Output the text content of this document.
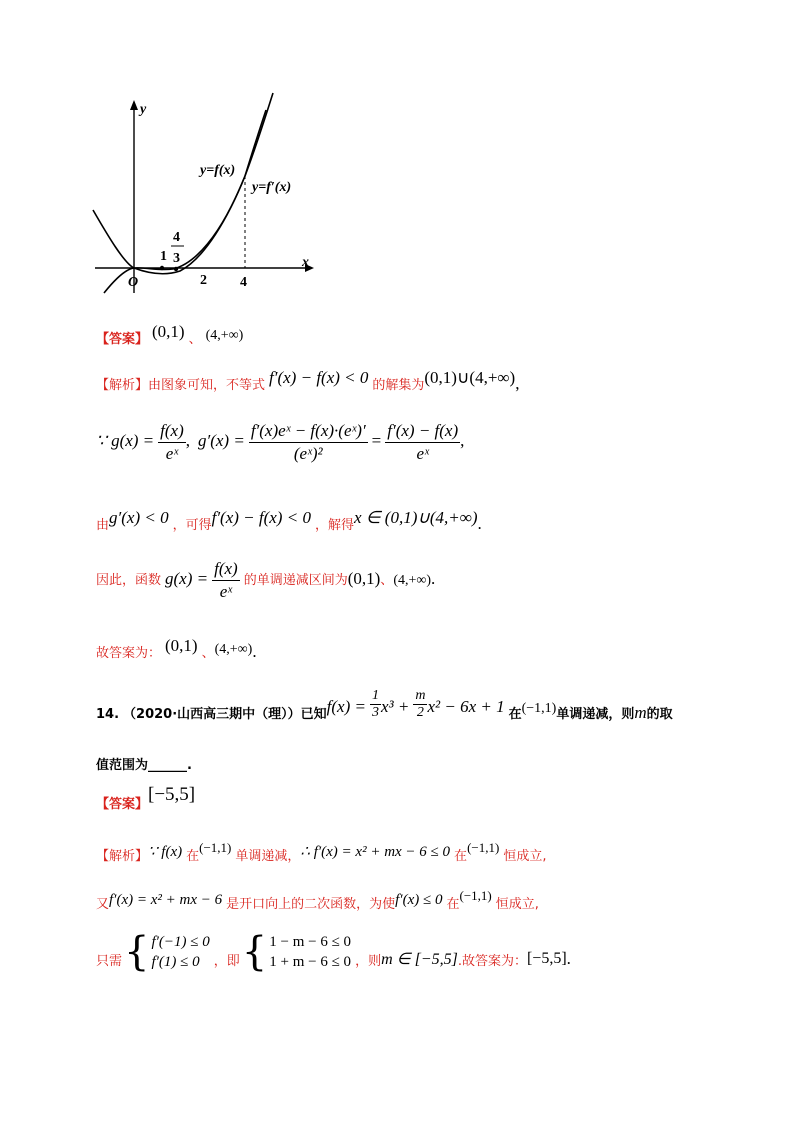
y
x
O
1
4
3
2 4
y=f(x)
y=f′(x)
【答案】 (0,1) 、 (4,+∞)
【解析】由图象可知，不等式 f′(x) − f(x) < 0 的解集为(0,1)∪(4,+∞),
∵ $g(x) = \frac{f(x)}{\text{eˣ}}$ , $g'(x) = \frac{\text{f′(x)eˣ − f(x)·(eˣ)′}}{\text{(eˣ)²}} = \frac{f'(x) - f(x)}{\text{eˣ}}$ ,
$_由$g′(x) < 0 $_{,可得}$f′(x) − f(x) < 0 $_{,解得}$x ∈ (0,1)∪(4,+∞).
因此，函数 $g(x) = \frac{f(x)}{\text{eˣ}}$ 的单调递减区间为(0,1)、(4,+∞).
故答案为： (0,1) 、(4,+∞).
14. （2020·山西高三期中（理））已知$f(x) = \frac{1}{3} x^3 + \frac{m}{2} x^2 - 6x + 1$ 在(−1,1)单调递减，则m的取
值范围为______.
$_{【答案】}$[−5,5]
【解析】∵ f(x) 在$^{(-1,1)}$ 单调递减，∴ f′(x) = x² + mx − 6 ≤ 0 在$^{(-1,1)}$ 恒成立,
又f′(x) = x² + mx − 6 是开口向上的二次函数，为使f′(x) ≤ 0 在$^{(-1,1)}$ 恒成立,
只需 { f′(−1) ≤ 0
f′(1) ≤ 0	，即 { 1 − m − 6 ≤ 0
1 + m − 6 ≤ 0 ，则 m ∈ [−5,5] .故答案为： [−5,5] .
